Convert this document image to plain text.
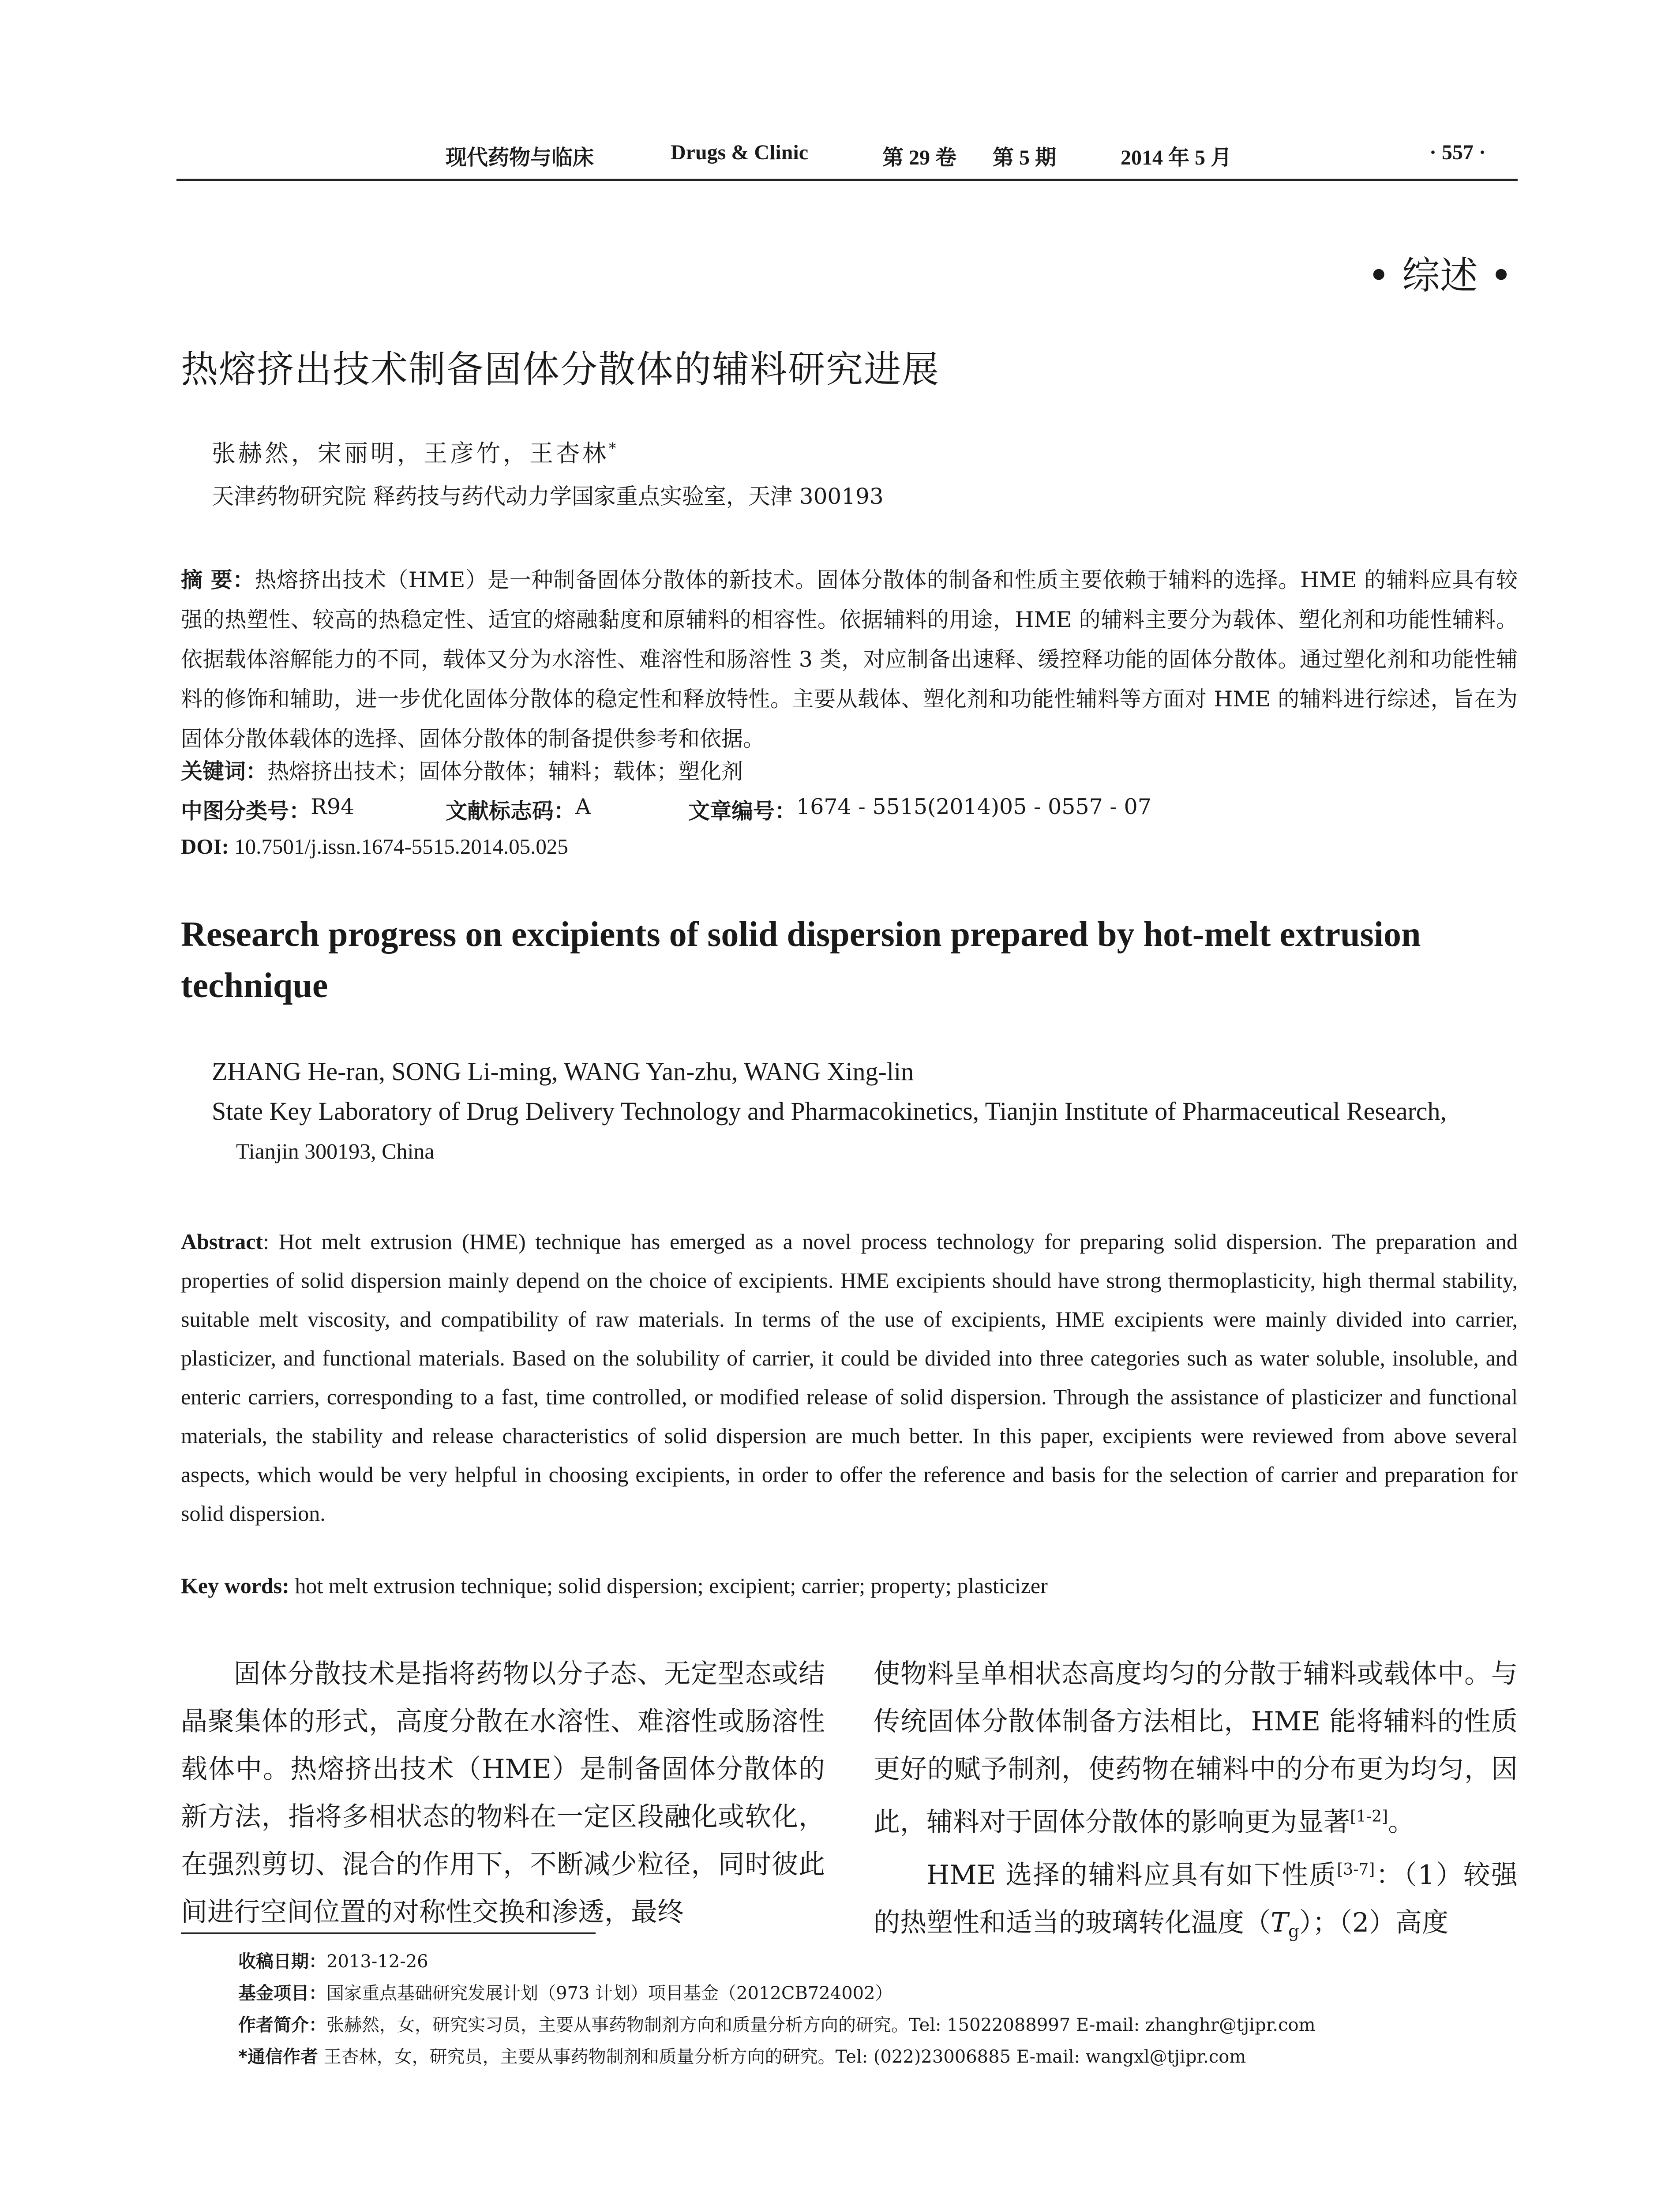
现代药物与临床	Drugs & Clinic	第 29 卷 第 5 期	2014 年 5 月	· 557 ·
• 综述 •
热熔挤出技术制备固体分散体的辅料研究进展
张赫然，宋丽明，王彦竹，王杏林*
天津药物研究院 释药技与药代动力学国家重点实验室，天津 300193
摘 要：热熔挤出技术（HME）是一种制备固体分散体的新技术。固体分散体的制备和性质主要依赖于辅料的选择。HME 的辅料应具有较强的热塑性、较高的热稳定性、适宜的熔融黏度和原辅料的相容性。依据辅料的用途，HME 的辅料主要分为载体、塑化剂和功能性辅料。依据载体溶解能力的不同，载体又分为水溶性、难溶性和肠溶性 3 类，对应制备出速释、缓控释功能的固体分散体。通过塑化剂和功能性辅料的修饰和辅助，进一步优化固体分散体的稳定性和释放特性。主要从载体、塑化剂和功能性辅料等方面对 HME 的辅料进行综述，旨在为固体分散体载体的选择、固体分散体的制备提供参考和依据。
关键词：热熔挤出技术；固体分散体；辅料；载体；塑化剂
中图分类号： R94	文献标志码： A	文章编号： 1674 - 5515(2014)05 - 0557 - 07
DOI: 10.7501/j.issn.1674-5515.2014.05.025
Research progress on excipients of solid dispersion prepared by hot-melt extrusion technique
ZHANG He-ran, SONG Li-ming, WANG Yan-zhu, WANG Xing-lin
State Key Laboratory of Drug Delivery Technology and Pharmacokinetics, Tianjin Institute of Pharmaceutical Research,
Tianjin 300193, China
Abstract: Hot melt extrusion (HME) technique has emerged as a novel process technology for preparing solid dispersion. The preparation and properties of solid dispersion mainly depend on the choice of excipients. HME excipients should have strong thermoplasticity, high thermal stability, suitable melt viscosity, and compatibility of raw materials. In terms of the use of excipients, HME excipients were mainly divided into carrier, plasticizer, and functional materials. Based on the solubility of carrier, it could be divided into three categories such as water soluble, insoluble, and enteric carriers, corresponding to a fast, time controlled, or modified release of solid dispersion. Through the assistance of plasticizer and functional materials, the stability and release characteristics of solid dispersion are much better. In this paper, excipients were reviewed from above several aspects, which would be very helpful in choosing excipients, in order to offer the reference and basis for the selection of carrier and preparation for solid dispersion.
Key words: hot melt extrusion technique; solid dispersion; excipient; carrier; property; plasticizer

固体分散技术是指将药物以分子态、无定型态或结晶聚集体的形式，高度分散在水溶性、难溶性或肠溶性载体中。热熔挤出技术（HME）是制备固体分散体的新方法，指将多相状态的物料在一定区段融化或软化，在强烈剪切、混合的作用下，不断减少粒径，同时彼此间进行空间位置的对称性交换和渗透，最终

使物料呈单相状态高度均匀的分散于辅料或载体中。与传统固体分散体制备方法相比，HME 能将辅料的性质更好的赋予制剂，使药物在辅料中的分布更为均匀，因此，辅料对于固体分散体的影响更为显著[1-2]。

HME 选择的辅料应具有如下性质[3-7]：（1）较强的热塑性和适当的玻璃转化温度$(T_g)$；（2）高度

收稿日期：2013-12-26
基金项目：国家重点基础研究发展计划（973 计划）项目基金（2012CB724002）
作者简介：张赫然，女，研究实习员，主要从事药物制剂方向和质量分析方向的研究。Tel: 15022088997 E-mail: zhanghr@tjipr.com
*通信作者 王杏林，女，研究员，主要从事药物制剂和质量分析方向的研究。Tel: (022)23006885 E-mail: wangxl@tjipr.com
